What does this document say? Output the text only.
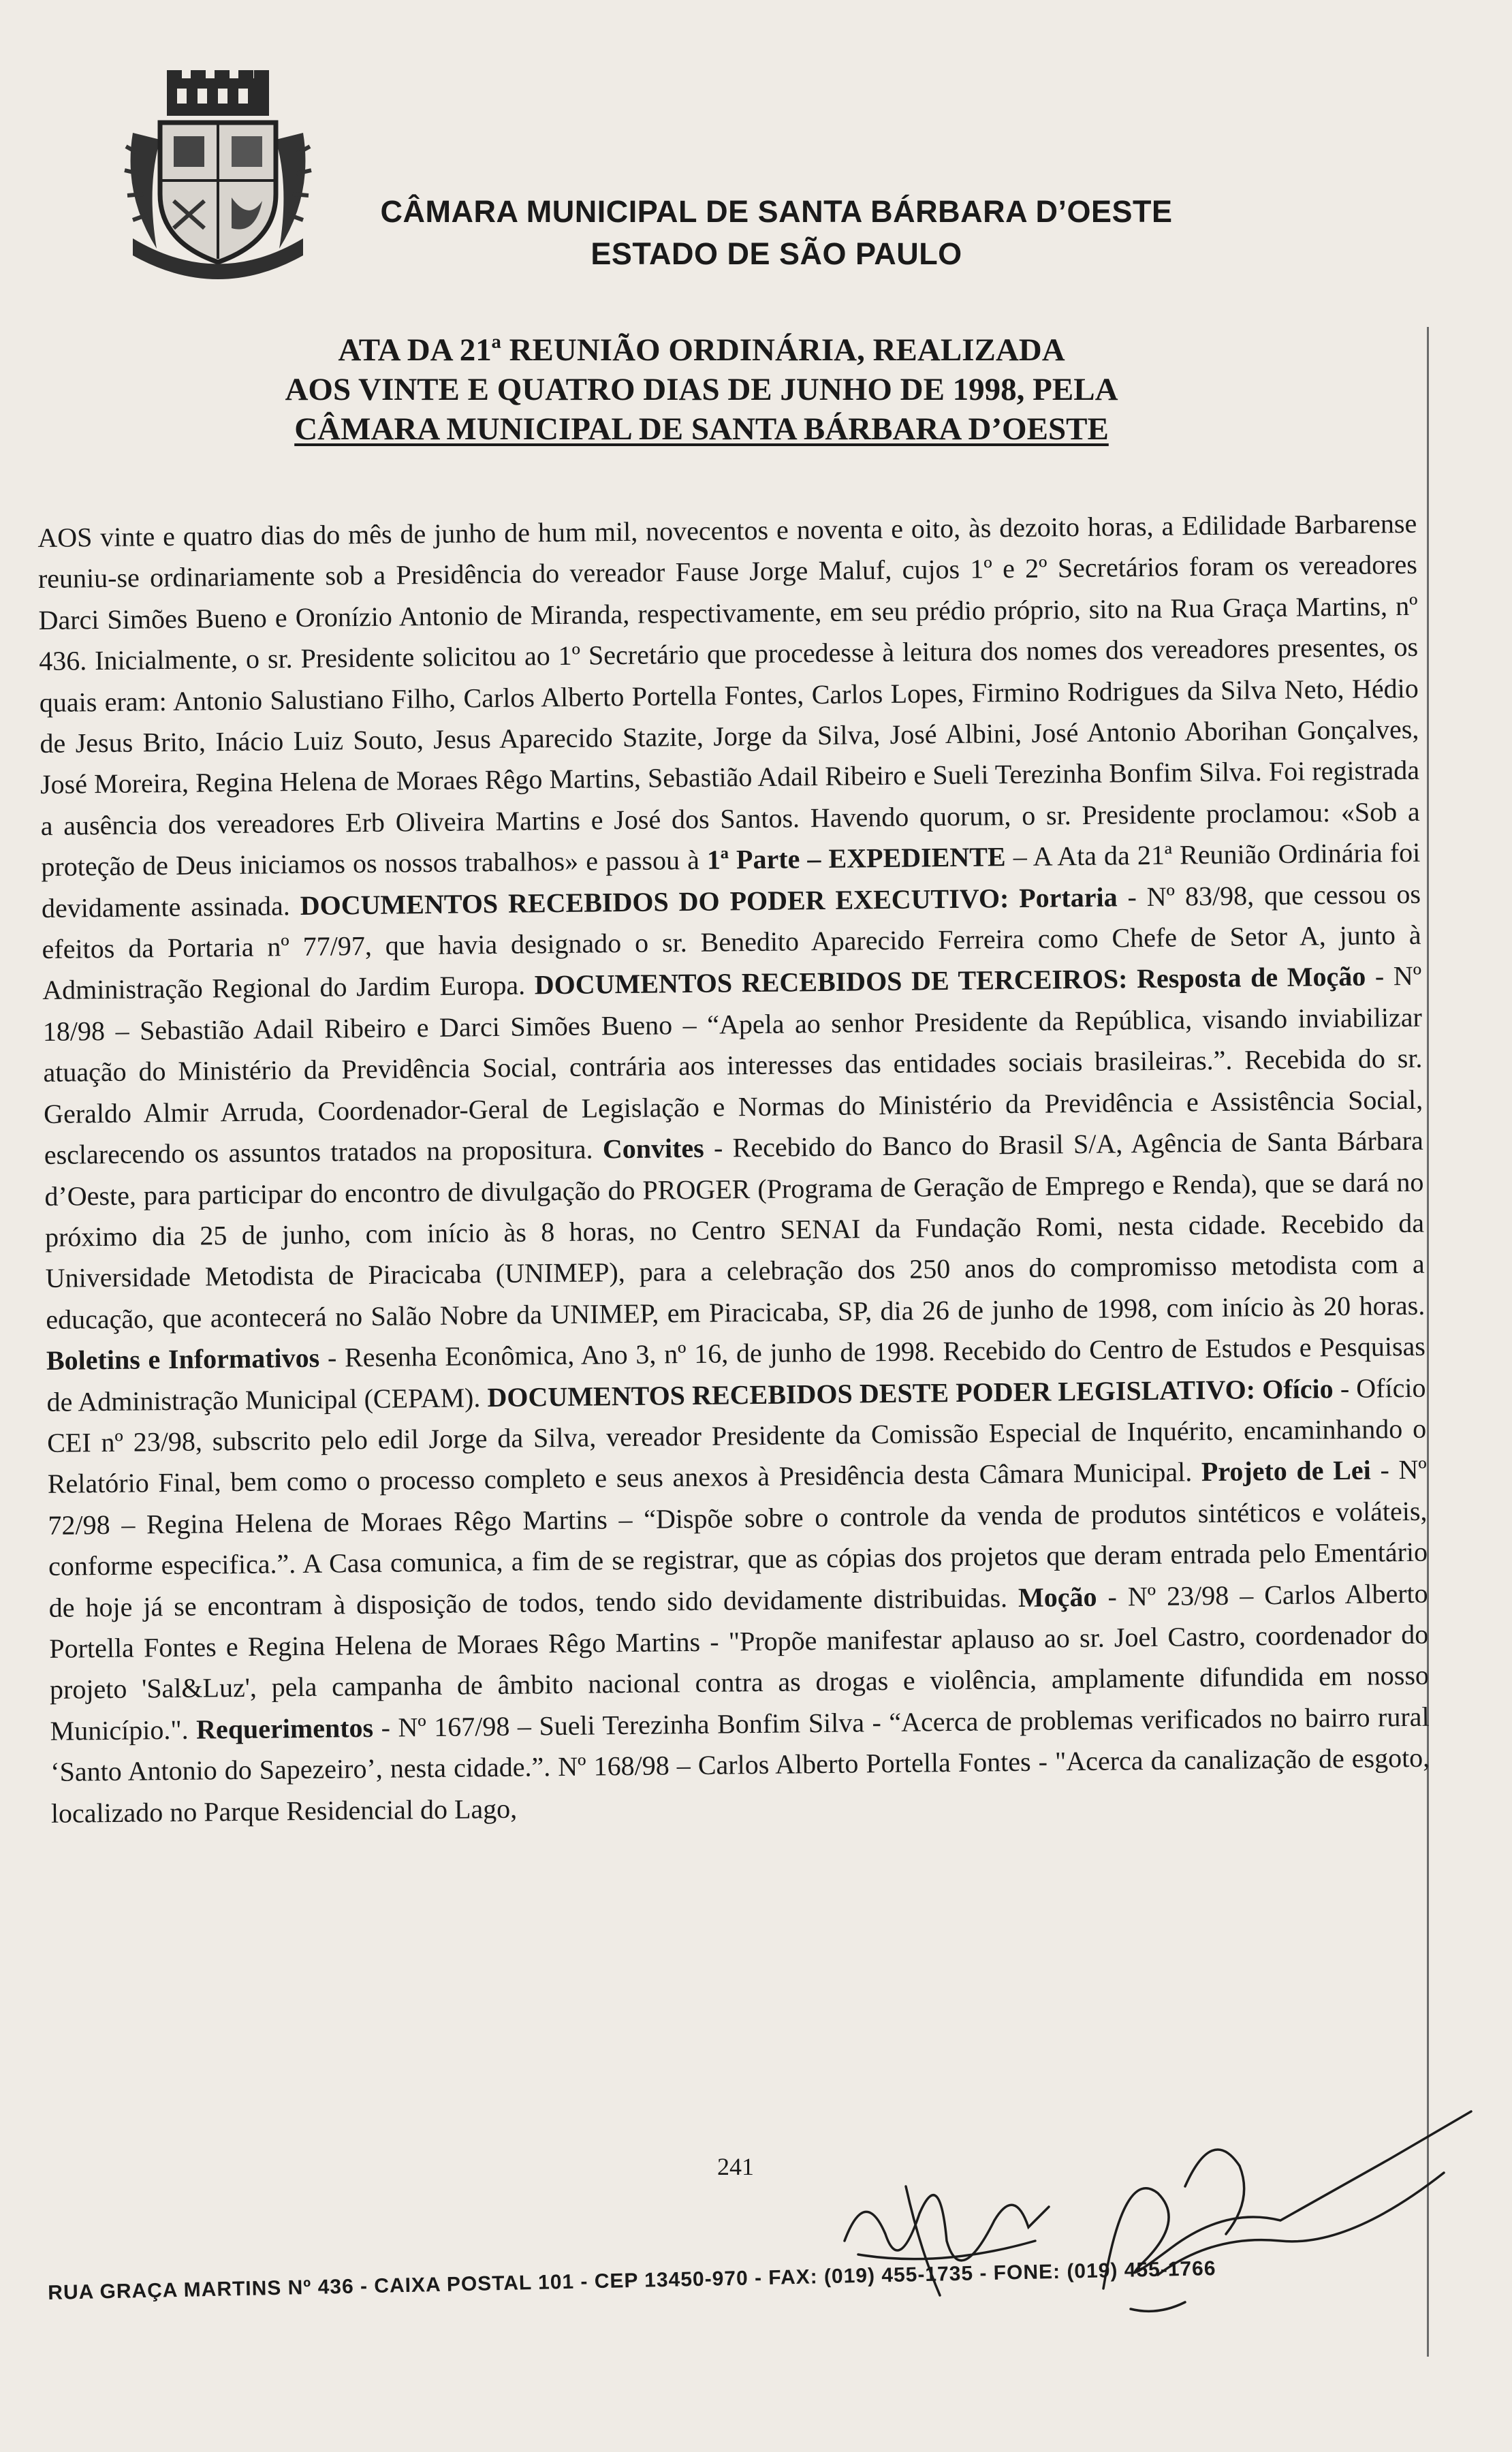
CÂMARA MUNICIPAL DE SANTA BÁRBARA D’OESTE
ESTADO DE SÃO PAULO
ATA DA 21ª REUNIÃO ORDINÁRIA, REALIZADA
AOS VINTE E QUATRO DIAS DE JUNHO DE 1998, PELA
CÂMARA MUNICIPAL DE SANTA BÁRBARA D’OESTE

AOS vinte e quatro dias do mês de junho de hum mil, novecentos e noventa e oito, às dezoito horas, a Edilidade Barbarense reuniu-se ordinariamente sob a Presidência do vereador Fause Jorge Maluf, cujos 1º e 2º Secretários foram os vereadores Darci Simões Bueno e Oronízio Antonio de Miranda, respectivamente, em seu prédio próprio, sito na Rua Graça Martins, nº 436. Inicialmente, o sr. Presidente solicitou ao 1º Secretário que procedesse à leitura dos nomes dos vereadores presentes, os quais eram: Antonio Salustiano Filho, Carlos Alberto Portella Fontes, Carlos Lopes, Firmino Rodrigues da Silva Neto, Hédio de Jesus Brito, Inácio Luiz Souto, Jesus Aparecido Stazite, Jorge da Silva, José Albini, José Antonio Aborihan Gonçalves, José Moreira, Regina Helena de Moraes Rêgo Martins, Sebastião Adail Ribeiro e Sueli Terezinha Bonfim Silva. Foi registrada a ausência dos vereadores Erb Oliveira Martins e José dos Santos. Havendo quorum, o sr. Presidente proclamou: «Sob a proteção de Deus iniciamos os nossos trabalhos» e passou à 1ª Parte – EXPEDIENTE – A Ata da 21ª Reunião Ordinária foi devidamente assinada. DOCUMENTOS RECEBIDOS DO PODER EXECUTIVO: Portaria - Nº 83/98, que cessou os efeitos da Portaria nº 77/97, que havia designado o sr. Benedito Aparecido Ferreira como Chefe de Setor A, junto à Administração Regional do Jardim Europa. DOCUMENTOS RECEBIDOS DE TERCEIROS: Resposta de Moção - Nº 18/98 – Sebastião Adail Ribeiro e Darci Simões Bueno – “Apela ao senhor Presidente da República, visando inviabilizar atuação do Ministério da Previdência Social, contrária aos interesses das entidades sociais brasileiras.”. Recebida do sr. Geraldo Almir Arruda, Coordenador-Geral de Legislação e Normas do Ministério da Previdência e Assistência Social, esclarecendo os assuntos tratados na propositura. Convites - Recebido do Banco do Brasil S/A, Agência de Santa Bárbara d’Oeste, para participar do encontro de divulgação do PROGER (Programa de Geração de Emprego e Renda), que se dará no próximo dia 25 de junho, com início às 8 horas, no Centro SENAI da Fundação Romi, nesta cidade. Recebido da Universidade Metodista de Piracicaba (UNIMEP), para a celebração dos 250 anos do compromisso metodista com a educação, que acontecerá no Salão Nobre da UNIMEP, em Piracicaba, SP, dia 26 de junho de 1998, com início às 20 horas. Boletins e Informativos - Resenha Econômica, Ano 3, nº 16, de junho de 1998. Recebido do Centro de Estudos e Pesquisas de Administração Municipal (CEPAM). DOCUMENTOS RECEBIDOS DESTE PODER LEGISLATIVO: Ofício - Ofício CEI nº 23/98, subscrito pelo edil Jorge da Silva, vereador Presidente da Comissão Especial de Inquérito, encaminhando o Relatório Final, bem como o processo completo e seus anexos à Presidência desta Câmara Municipal. Projeto de Lei - Nº 72/98 – Regina Helena de Moraes Rêgo Martins – “Dispõe sobre o controle da venda de produtos sintéticos e voláteis, conforme especifica.”. A Casa comunica, a fim de se registrar, que as cópias dos projetos que deram entrada pelo Ementário de hoje já se encontram à disposição de todos, tendo sido devidamente distribuidas. Moção - Nº 23/98 – Carlos Alberto Portella Fontes e Regina Helena de Moraes Rêgo Martins - "Propõe manifestar aplauso ao sr. Joel Castro, coordenador do projeto 'Sal&Luz', pela campanha de âmbito nacional contra as drogas e violência, amplamente difundida em nosso Município.". Requerimentos - Nº 167/98 – Sueli Terezinha Bonfim Silva - “Acerca de problemas verificados no bairro rural ‘Santo Antonio do Sapezeiro’, nesta cidade.”. Nº 168/98 – Carlos Alberto Portella Fontes - "Acerca da canalização de esgoto, localizado no Parque Residencial do Lago,

241
RUA GRAÇA MARTINS Nº 436 - CAIXA POSTAL 101 - CEP 13450-970 - FAX: (019) 455-1735 - FONE: (019) 455-1766
